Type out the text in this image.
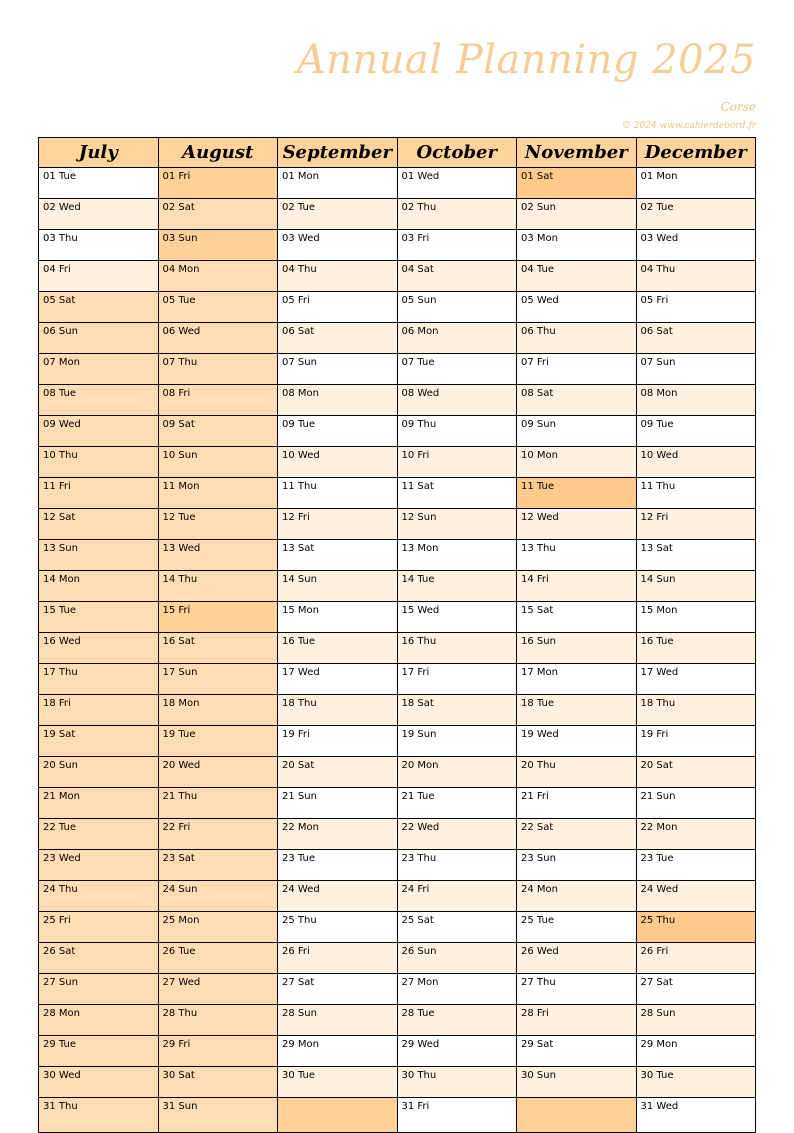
Annual Planning 2025
Corse
© 2024 www.cahierdebord.fr
July	August	September	October	November	December
01 Tue	01 Fri	01 Mon	01 Wed	01 Sat	01 Mon
02 Wed	02 Sat	02 Tue	02 Thu	02 Sun	02 Tue
03 Thu	03 Sun	03 Wed	03 Fri	03 Mon	03 Wed
04 Fri	04 Mon	04 Thu	04 Sat	04 Tue	04 Thu
05 Sat	05 Tue	05 Fri	05 Sun	05 Wed	05 Fri
06 Sun	06 Wed	06 Sat	06 Mon	06 Thu	06 Sat
07 Mon	07 Thu	07 Sun	07 Tue	07 Fri	07 Sun
08 Tue	08 Fri	08 Mon	08 Wed	08 Sat	08 Mon
09 Wed	09 Sat	09 Tue	09 Thu	09 Sun	09 Tue
10 Thu	10 Sun	10 Wed	10 Fri	10 Mon	10 Wed
11 Fri	11 Mon	11 Thu	11 Sat	11 Tue	11 Thu
12 Sat	12 Tue	12 Fri	12 Sun	12 Wed	12 Fri
13 Sun	13 Wed	13 Sat	13 Mon	13 Thu	13 Sat
14 Mon	14 Thu	14 Sun	14 Tue	14 Fri	14 Sun
15 Tue	15 Fri	15 Mon	15 Wed	15 Sat	15 Mon
16 Wed	16 Sat	16 Tue	16 Thu	16 Sun	16 Tue
17 Thu	17 Sun	17 Wed	17 Fri	17 Mon	17 Wed
18 Fri	18 Mon	18 Thu	18 Sat	18 Tue	18 Thu
19 Sat	19 Tue	19 Fri	19 Sun	19 Wed	19 Fri
20 Sun	20 Wed	20 Sat	20 Mon	20 Thu	20 Sat
21 Mon	21 Thu	21 Sun	21 Tue	21 Fri	21 Sun
22 Tue	22 Fri	22 Mon	22 Wed	22 Sat	22 Mon
23 Wed	23 Sat	23 Tue	23 Thu	23 Sun	23 Tue
24 Thu	24 Sun	24 Wed	24 Fri	24 Mon	24 Wed
25 Fri	25 Mon	25 Thu	25 Sat	25 Tue	25 Thu
26 Sat	26 Tue	26 Fri	26 Sun	26 Wed	26 Fri
27 Sun	27 Wed	27 Sat	27 Mon	27 Thu	27 Sat
28 Mon	28 Thu	28 Sun	28 Tue	28 Fri	28 Sun
29 Tue	29 Fri	29 Mon	29 Wed	29 Sat	29 Mon
30 Wed	30 Sat	30 Tue	30 Thu	30 Sun	30 Tue
31 Thu	31 Sun		31 Fri		31 Wed
